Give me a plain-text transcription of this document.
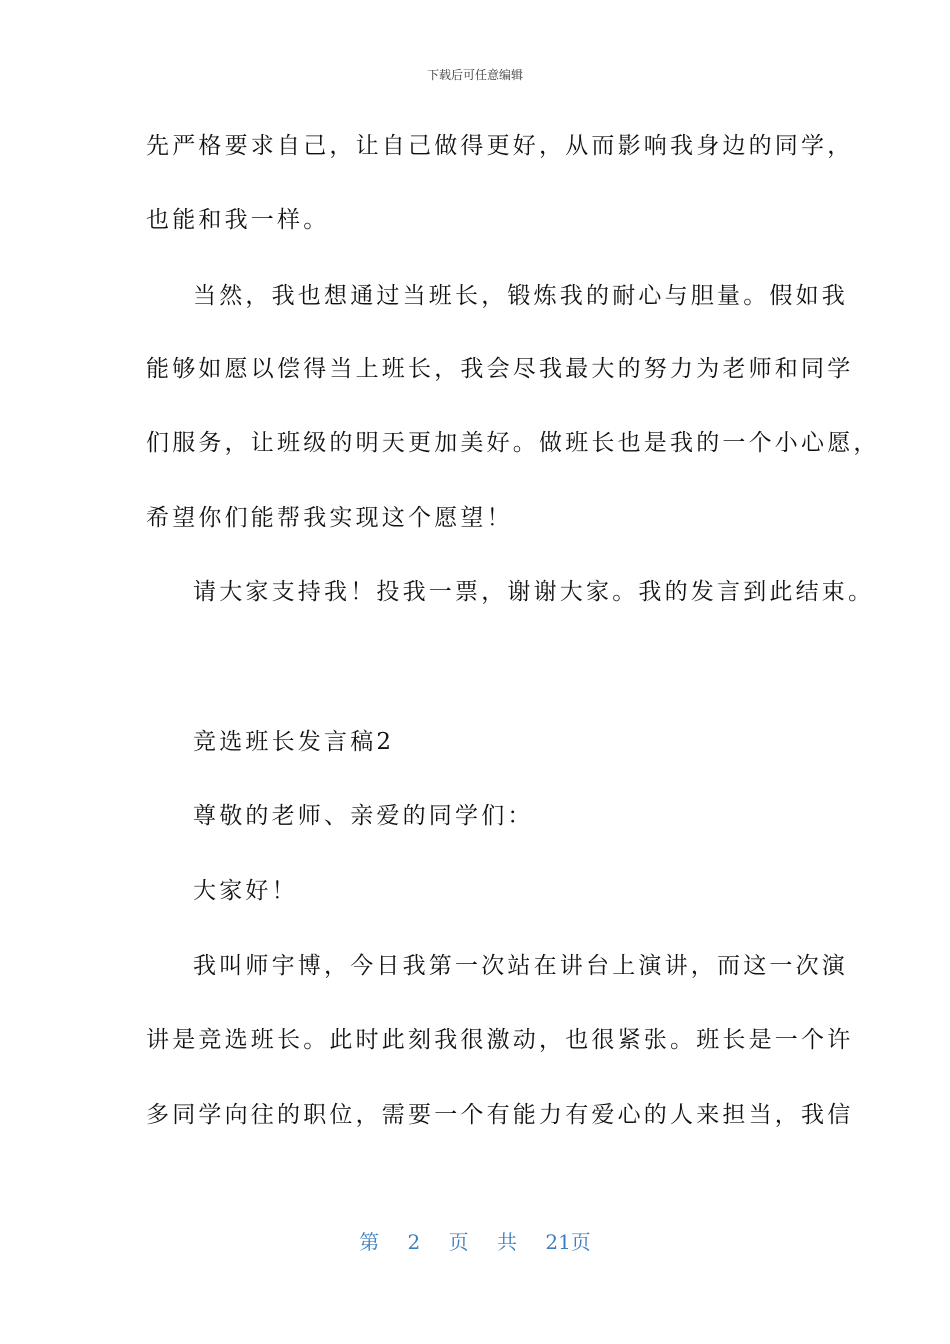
下载后可任意编辑
先严格要求自己，让自己做得更好，从而影响我身边的同学，
也能和我一样。
当然，我也想通过当班长，锻炼我的耐心与胆量。假如我
能够如愿以偿得当上班长，我会尽我最大的努力为老师和同学
们服务，让班级的明天更加美好。做班长也是我的一个小心愿，
希望你们能帮我实现这个愿望！
请大家支持我！投我一票，谢谢大家。我的发言到此结束。
竞选班长发言稿2
尊敬的老师、亲爱的同学们：
大家好！
我叫师宇博，今日我第一次站在讲台上演讲，而这一次演
讲是竞选班长。此时此刻我很激动，也很紧张。班长是一个许
多同学向往的职位，需要一个有能力有爱心的人来担当，我信
第 2 页 共 21页
